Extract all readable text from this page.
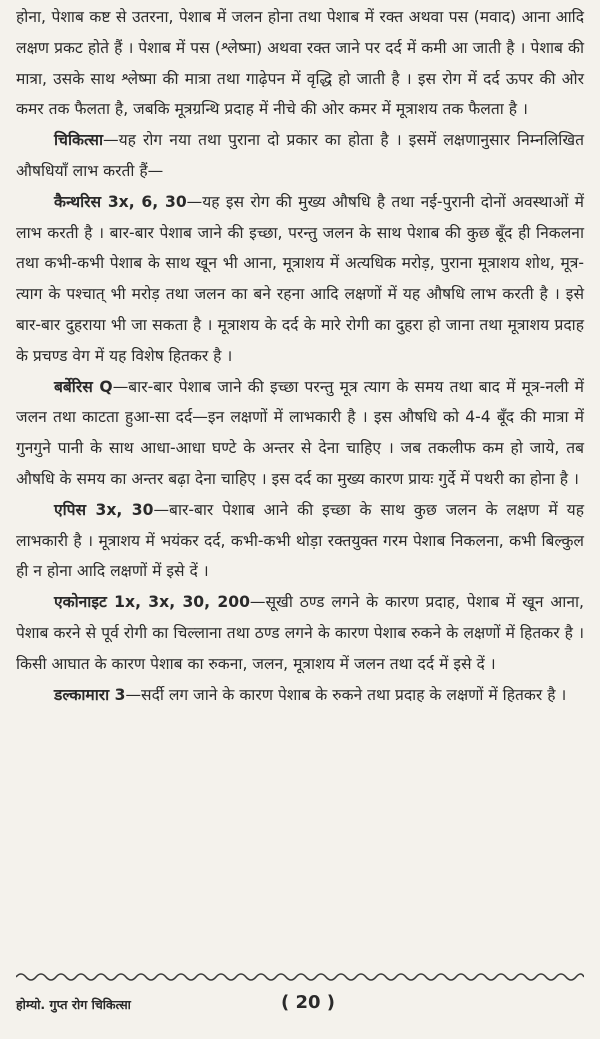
होना, पेशाब कष्ट से उतरना, पेशाब में जलन होना तथा पेशाब में रक्त अथवा पस (मवाद) आना आदि लक्षण प्रकट होते हैं । पेशाब में पस (श्लेष्मा) अथवा रक्त जाने पर दर्द में कमी आ जाती है । पेशाब की मात्रा, उसके साथ श्लेष्मा की मात्रा तथा गाढ़ेपन में वृद्धि हो जाती है । इस रोग में दर्द ऊपर की ओर कमर तक फैलता है, जबकि मूत्रग्रन्थि प्रदाह में नीचे की ओर कमर में मूत्राशय तक फैलता है ।

चिकित्सा—यह रोग नया तथा पुराना दो प्रकार का होता है । इसमें लक्षणानुसार निम्नलिखित औषधियाँ लाभ करती हैं—

कैन्थरिस 3x, 6, 30—यह इस रोग की मुख्य औषधि है तथा नई-पुरानी दोनों अवस्थाओं में लाभ करती है । बार-बार पेशाब जाने की इच्छा, परन्तु जलन के साथ पेशाब की कुछ बूँद ही निकलना तथा कभी-कभी पेशाब के साथ खून भी आना, मूत्राशय में अत्यधिक मरोड़, पुराना मूत्राशय शोथ, मूत्र-त्याग के पश्चात् भी मरोड़ तथा जलन का बने रहना आदि लक्षणों में यह औषधि लाभ करती है । इसे बार-बार दुहराया भी जा सकता है । मूत्राशय के दर्द के मारे रोगी का दुहरा हो जाना तथा मूत्राशय प्रदाह के प्रचण्ड वेग में यह विशेष हितकर है ।

बर्बेरिस Q—बार-बार पेशाब जाने की इच्छा परन्तु मूत्र त्याग के समय तथा बाद में मूत्र-नली में जलन तथा काटता हुआ-सा दर्द—इन लक्षणों में लाभकारी है । इस औषधि को 4-4 बूँद की मात्रा में गुनगुने पानी के साथ आधा-आधा घण्टे के अन्तर से देना चाहिए । जब तकलीफ कम हो जाये, तब औषधि के समय का अन्तर बढ़ा देना चाहिए । इस दर्द का मुख्य कारण प्रायः गुर्दे में पथरी का होना है ।

एपिस 3x, 30—बार-बार पेशाब आने की इच्छा के साथ कुछ जलन के लक्षण में यह लाभकारी है । मूत्राशय में भयंकर दर्द, कभी-कभी थोड़ा रक्तयुक्त गरम पेशाब निकलना, कभी बिल्कुल ही न होना आदि लक्षणों में इसे दें ।

एकोनाइट 1x, 3x, 30, 200—सूखी ठण्ड लगने के कारण प्रदाह, पेशाब में खून आना, पेशाब करने से पूर्व रोगी का चिल्लाना तथा ठण्ड लगने के कारण पेशाब रुकने के लक्षणों में हितकर है । किसी आघात के कारण पेशाब का रुकना, जलन, मूत्राशय में जलन तथा दर्द में इसे दें ।

डल्कामारा 3—सर्दी लग जाने के कारण पेशाब के रुकने तथा प्रदाह के लक्षणों में हितकर है ।

होम्यो. गुप्त रोग चिकित्सा	( 20 )
